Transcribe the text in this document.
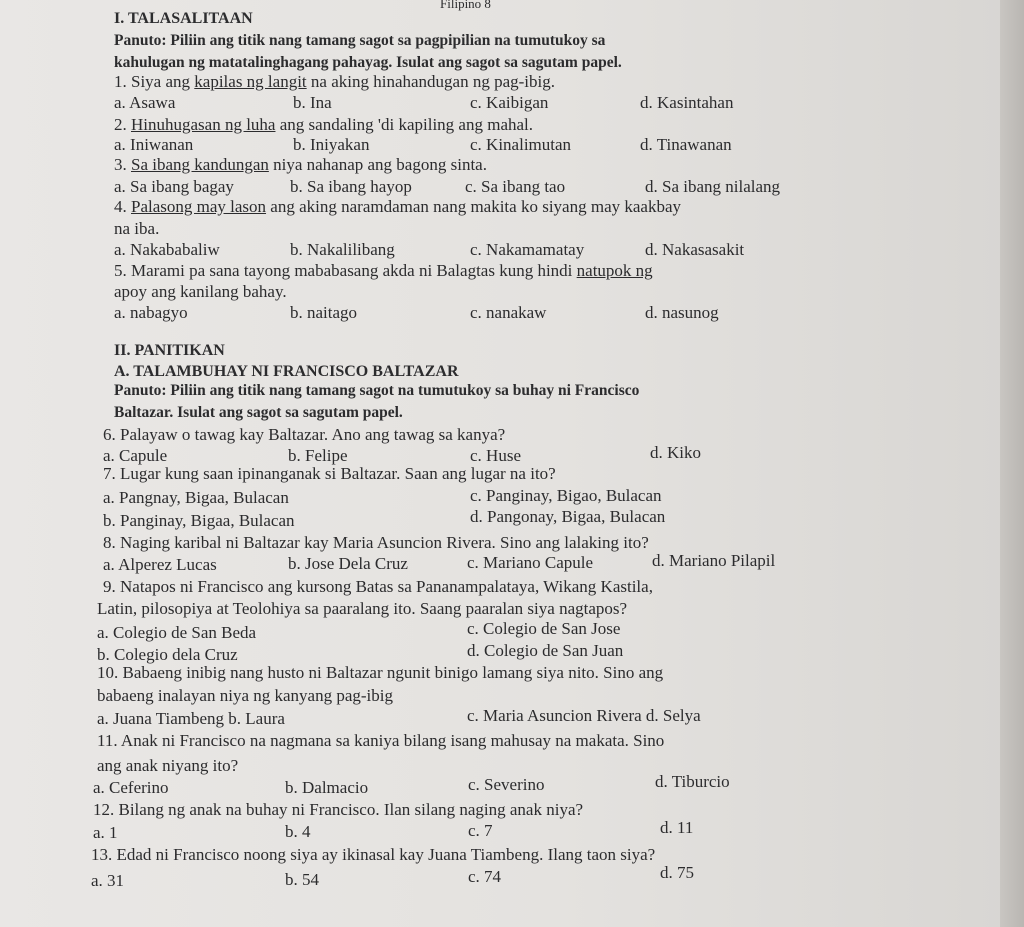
Filipino 8
I. TALASALITAAN
Panuto: Piliin ang titik nang tamang sagot sa pagpipilian na tumutukoy sa
kahulugan ng matatalinghagang pahayag. Isulat ang sagot sa sagutam papel.
1. Siya ang kapilas ng langit na aking hinahandugan ng pag-ibig.
a. Asawa	b. Ina	c. Kaibigan	d. Kasintahan
2. Hinuhugasan ng luha ang sandaling 'di kapiling ang mahal.
a. Iniwanan	b. Iniyakan	c. Kinalimutan	d. Tinawanan
3. Sa ibang kandungan niya nahanap ang bagong sinta.
a. Sa ibang bagay	b. Sa ibang hayop	c. Sa ibang tao	d. Sa ibang nilalang
4. Palasong may lason ang aking naramdaman nang makita ko siyang may kaakbay
na iba.
a. Nakababaliw	b. Nakalilibang	c. Nakamamatay	d. Nakasasakit
5. Marami pa sana tayong mababasang akda ni Balagtas kung hindi natupok ng
apoy ang kanilang bahay.
a. nabagyo	b. naitago	c. nanakaw	d. nasunog
II. PANITIKAN
A. TALAMBUHAY NI FRANCISCO BALTAZAR
Panuto: Piliin ang titik nang tamang sagot na tumutukoy sa buhay ni Francisco
Baltazar. Isulat ang sagot sa sagutam papel.
6. Palayaw o tawag kay Baltazar. Ano ang tawag sa kanya?
a. Capule	b. Felipe	c. Huse	d. Kiko
7. Lugar kung saan ipinanganak si Baltazar. Saan ang lugar na ito?
a. Pangnay, Bigaa, Bulacan	c. Panginay, Bigao, Bulacan
b. Panginay, Bigaa, Bulacan	d. Pangonay, Bigaa, Bulacan
8. Naging karibal ni Baltazar kay Maria Asuncion Rivera. Sino ang lalaking ito?
a. Alperez Lucas	b. Jose Dela Cruz	c. Mariano Capule	d. Mariano Pilapil
9. Natapos ni Francisco ang kursong Batas sa Pananampalataya, Wikang Kastila,
Latin, pilosopiya at Teolohiya sa paaralang ito. Saang paaralan siya nagtapos?
a. Colegio de San Beda	c. Colegio de San Jose
b. Colegio dela Cruz	d. Colegio de San Juan
10. Babaeng inibig nang husto ni Baltazar ngunit binigo lamang siya nito. Sino ang
babaeng inalayan niya ng kanyang pag-ibig
a. Juana Tiambeng b. Laura	c. Maria Asuncion Rivera d. Selya
11. Anak ni Francisco na nagmana sa kaniya bilang isang mahusay na makata. Sino
ang anak niyang ito?
a. Ceferino	b. Dalmacio	c. Severino	d. Tiburcio
12. Bilang ng anak na buhay ni Francisco. Ilan silang naging anak niya?
a. 1	b. 4	c. 7	d. 11
13. Edad ni Francisco noong siya ay ikinasal kay Juana Tiambeng. Ilang taon siya?
a. 31	b. 54	c. 74	d. 75
